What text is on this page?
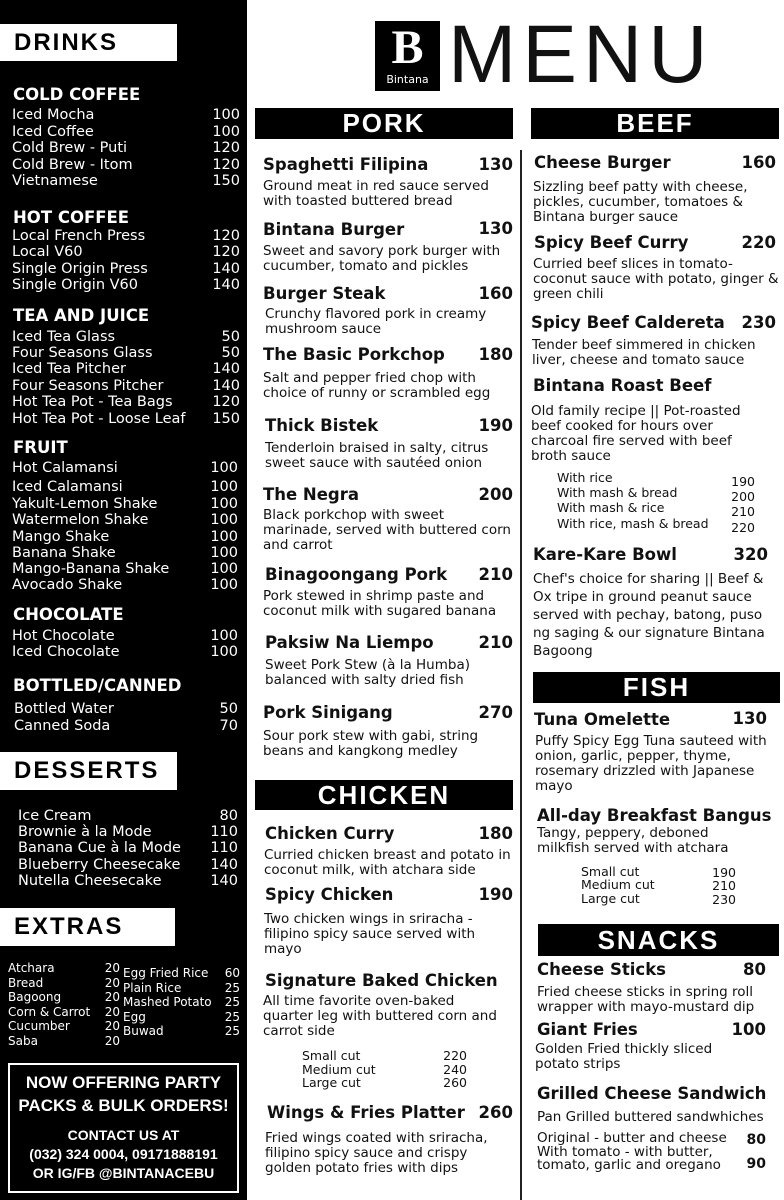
DRINKS
COLD COFFEE
Iced Mocha	100
Iced Coffee	100
Cold Brew - Puti	120
Cold Brew - Itom	120
Vietnamese	150
HOT COFFEE
Local French Press	120
Local V60	120
Single Origin Press	140
Single Origin V60	140
TEA AND JUICE
Iced Tea Glass	50
Four Seasons Glass	50
Iced Tea Pitcher	140
Four Seasons Pitcher	140
Hot Tea Pot - Tea Bags	120
Hot Tea Pot - Loose Leaf 150
FRUIT
Hot Calamansi	100
Iced Calamansi	100
Yakult-Lemon Shake	100
Watermelon Shake	100
Mango Shake	100
Banana Shake	100
Mango-Banana Shake	100
Avocado Shake	100
CHOCOLATE
Hot Chocolate	100
Iced Chocolate	100
BOTTLED/CANNED
Bottled Water	50
Canned Soda	70
DESSERTS
Ice Cream	80
Brownie à la Mode	110
Banana Cue à la Mode 110
Blueberry Cheesecake 140
Nutella Cheesecake	140
EXTRAS
Atchara	20
Bread	20
Bagoong	20
Corn & Carrot 20
Cucumber	20
Saba	20
Egg Fried Rice 60
Plain Rice	25
Mashed Potato 25
Egg	25
Buwad	25
NOW OFFERING PARTY
PACKS & BULK ORDERS!
CONTACT US AT
(032) 324 0004, 09171888191
OR IG/FB @BINTANACEBU
B
Bintana MENU
PORK
Spaghetti Filipina	130
Ground meat in red sauce served with toasted buttered bread
Bintana Burger	130
Sweet and savory pork burger with cucumber, tomato and pickles
Burger Steak	160
Crunchy flavored pork in creamy mushroom sauce
The Basic Porkchop	180
Salt and pepper fried chop with choice of runny or scrambled egg
Thick Bistek	190
Tenderloin braised in salty, citrus sweet sauce with sautéed onion
The Negra	200
Black porkchop with sweet marinade, served with buttered corn and carrot
Binagoongang Pork	210
Pork stewed in shrimp paste and coconut milk with sugared banana
Paksiw Na Liempo	210
Sweet Pork Stew (à la Humba) balanced with salty dried fish
Pork Sinigang	270
Sour pork stew with gabi, string beans and kangkong medley
CHICKEN
Chicken Curry	180
Curried chicken breast and potato in coconut milk, with atchara side
Spicy Chicken	190
Two chicken wings in sriracha - filipino spicy sauce served with mayo
Signature Baked Chicken
All time favorite oven-baked quarter leg with buttered corn and carrot side
Small cut	220
Medium cut	240
Large cut	260
Wings & Fries Platter 260
Fried wings coated with sriracha, filipino spicy sauce and crispy golden potato fries with dips
BEEF
Cheese Burger	160
Sizzling beef patty with cheese, pickles, cucumber, tomatoes & Bintana burger sauce
Spicy Beef Curry	220
Curried beef slices in tomato-coconut sauce with potato, ginger & green chili
Spicy Beef Caldereta	230
Tender beef simmered in chicken liver, cheese and tomato sauce
Bintana Roast Beef
Old family recipe || Pot-roasted beef cooked for hours over charcoal fire served with beef broth sauce
With rice	190
With mash & bread	200
With mash & rice	210
With rice, mash & bread 220
Kare-Kare Bowl	320
Chef's choice for sharing || Beef & Ox tripe in ground peanut sauce served with pechay, batong, puso ng saging & our signature Bintana Bagoong
FISH
Tuna Omelette	130
Puffy Spicy Egg Tuna sauteed with onion, garlic, pepper, thyme, rosemary drizzled with Japanese mayo
All-day Breakfast Bangus
Tangy, peppery, deboned milkfish served with atchara
Small cut	190
Medium cut	210
Large cut	230
SNACKS
Cheese Sticks	80
Fried cheese sticks in spring roll wrapper with mayo-mustard dip
Giant Fries	100
Golden Fried thickly sliced potato strips
Grilled Cheese Sandwich
Pan Grilled buttered sandwhiches
Original - butter and cheese	80
With tomato - with butter, tomato, garlic and oregano	90
